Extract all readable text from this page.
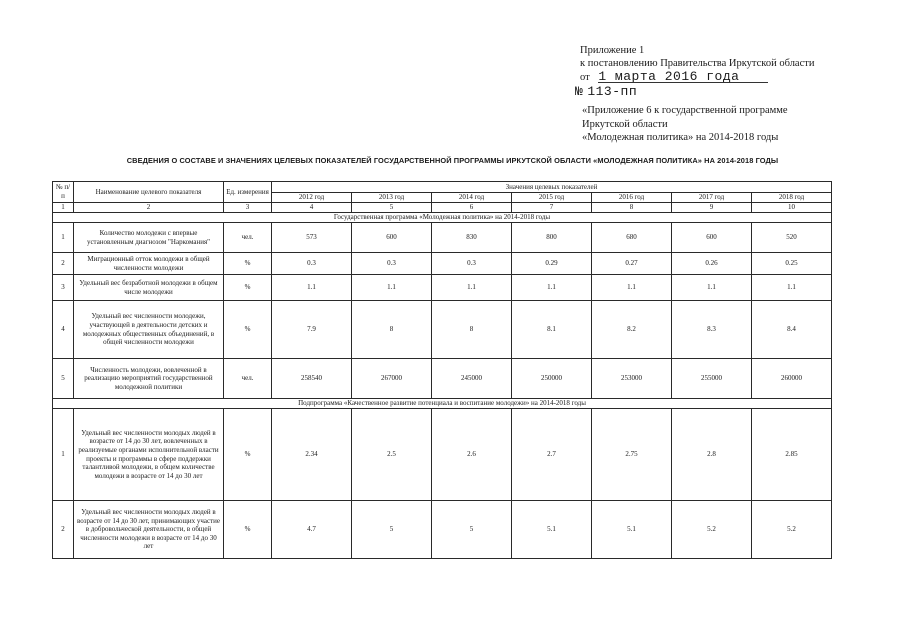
Приложение 1
к постановлению Правительства Иркутской области
от 1 марта 2016 года
№ 113-пп
«Приложение 6 к государственной программе
Иркутской области
«Молодежная политика» на 2014-2018 годы
СВЕДЕНИЯ О СОСТАВЕ И ЗНАЧЕНИЯХ ЦЕЛЕВЫХ ПОКАЗАТЕЛЕЙ ГОСУДАРСТВЕННОЙ ПРОГРАММЫ ИРКУТСКОЙ ОБЛАСТИ «МОЛОДЕЖНАЯ ПОЛИТИКА» НА 2014-2018 ГОДЫ
№ п/п	Наименование целевого показателя	Ед. измерения	Значения целевых показателей						
			2012 год	2013 год	2014 год	2015 год	2016 год	2017 год	2018 год
1	2	3	4	5	6	7	8	9	10
Государственная программа «Молодежная политика» на 2014-2018 годы									
1	Количество молодежи с впервые установленным диагнозом "Наркомания"	чел.	573	600	830	800	680	600	520
2	Миграционный отток молодежи в общей численности молодежи	%	0.3	0.3	0.3	0.29	0.27	0.26	0.25
3	Удельный вес безработной молодежи в общем числе молодежи	%	1.1	1.1	1.1	1.1	1.1	1.1	1.1
4	Удельный вес численности молодежи, участвующей в деятельности детских и молодежных общественных объединений, в общей численности молодежи	%	7.9	8	8	8.1	8.2	8.3	8.4
5	Численность молодежи, вовлеченной в реализацию мероприятий государственной молодежной политики	чел.	258540	267000	245000	250000	253000	255000	260000
Подпрограмма «Качественное развитие потенциала и воспитание молодежи» на 2014-2018 годы									
1	Удельный вес численности молодых людей в возрасте от 14 до 30 лет, вовлеченных в реализуемые органами исполнительной власти проекты и программы в сфере поддержки талантливой молодежи, в общем количестве молодежи в возрасте от 14 до 30 лет	%	2.34	2.5	2.6	2.7	2.75	2.8	2.85
2	Удельный вес численности молодых людей в возрасте от 14 до 30 лет, принимающих участие в добровольческой деятельности, в общей численности молодежи в возрасте от 14 до 30 лет	%	4.7	5	5	5.1	5.1	5.2	5.2
